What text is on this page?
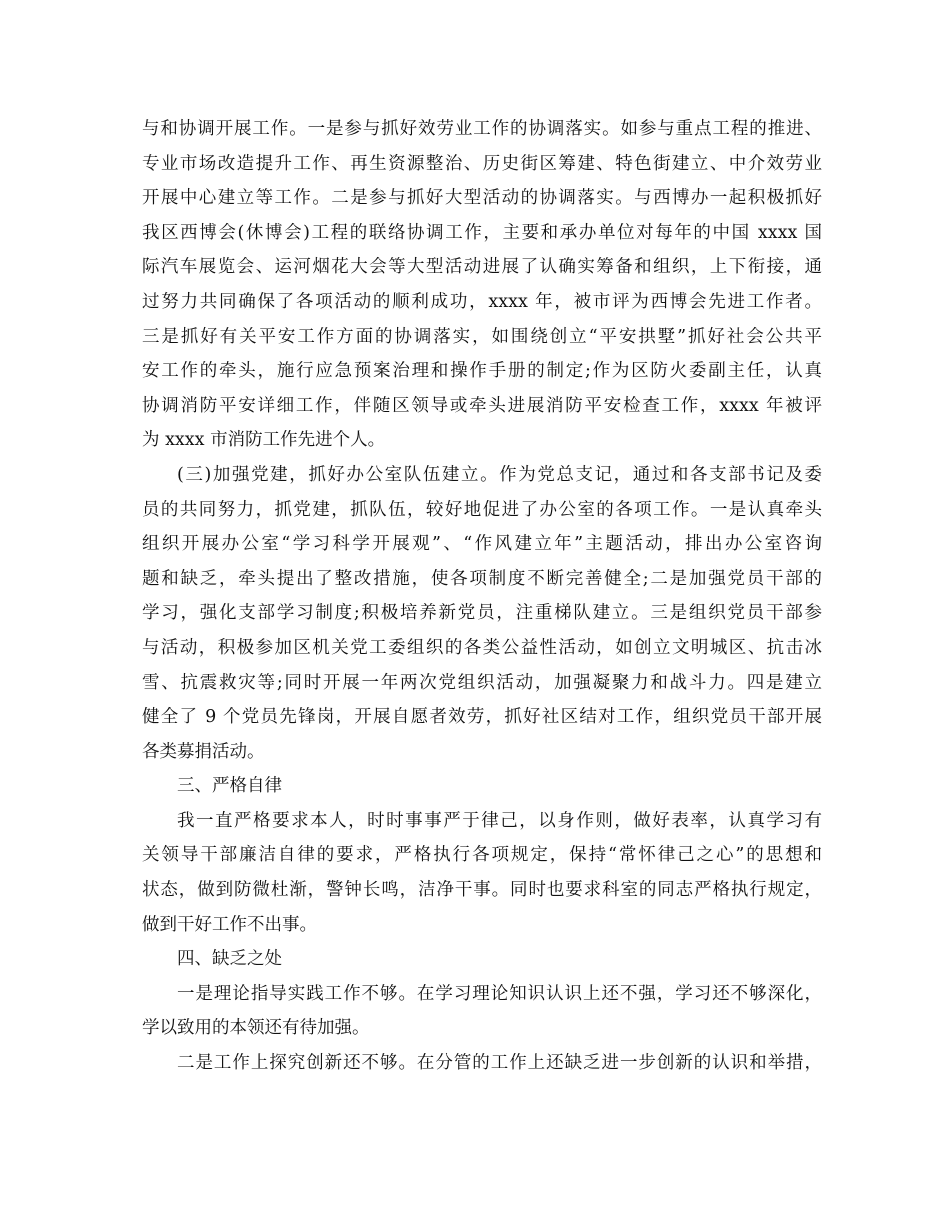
与和协调开展工作。一是参与抓好效劳业工作的协调落实。如参与重点工程的推进、
专业市场改造提升工作、再生资源整治、历史街区筹建、特色街建立、中介效劳业
开展中心建立等工作。二是参与抓好大型活动的协调落实。与西博办一起积极抓好
我区西博会(休博会)工程的联络协调工作，主要和承办单位对每年的中国 xxxx 国
际汽车展览会、运河烟花大会等大型活动进展了认确实筹备和组织，上下衔接，通
过努力共同确保了各项活动的顺利成功，xxxx 年，被市评为西博会先进工作者。
三是抓好有关平安工作方面的协调落实，如围绕创立“平安拱墅”抓好社会公共平
安工作的牵头，施行应急预案治理和操作手册的制定;作为区防火委副主任，认真
协调消防平安详细工作，伴随区领导或牵头进展消防平安检查工作，xxxx 年被评
为 xxxx 市消防工作先进个人。
(三)加强党建，抓好办公室队伍建立。作为党总支记，通过和各支部书记及委
员的共同努力，抓党建，抓队伍，较好地促进了办公室的各项工作。一是认真牵头
组织开展办公室“学习科学开展观”、“作风建立年”主题活动，排出办公室咨询
题和缺乏，牵头提出了整改措施，使各项制度不断完善健全;二是加强党员干部的
学习，强化支部学习制度;积极培养新党员，注重梯队建立。三是组织党员干部参
与活动，积极参加区机关党工委组织的各类公益性活动，如创立文明城区、抗击冰
雪、抗震救灾等;同时开展一年两次党组织活动，加强凝聚力和战斗力。四是建立
健全了 9 个党员先锋岗，开展自愿者效劳，抓好社区结对工作，组织党员干部开展
各类募捐活动。
三、严格自律
我一直严格要求本人，时时事事严于律己，以身作则，做好表率，认真学习有
关领导干部廉洁自律的要求，严格执行各项规定，保持“常怀律己之心”的思想和
状态，做到防微杜渐，警钟长鸣，洁净干事。同时也要求科室的同志严格执行规定，
做到干好工作不出事。
四、缺乏之处
一是理论指导实践工作不够。在学习理论知识认识上还不强，学习还不够深化，
学以致用的本领还有待加强。
二是工作上探究创新还不够。在分管的工作上还缺乏进一步创新的认识和举措，
